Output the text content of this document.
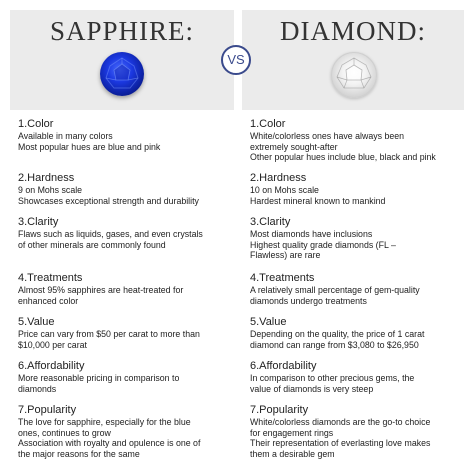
SAPPHIRE:
1.Color
Available in many colors
Most popular hues are blue and pink
2.Hardness
9 on Mohs scale
Showcases exceptional strength and durability
3.Clarity
Flaws such as liquids, gases, and even crystals
of other minerals are commonly found
4.Treatments
Almost 95% sapphires are heat-treated for
enhanced color
5.Value
Price can vary from $50 per carat to more than
$10,000 per carat
6.Affordability
More reasonable pricing in comparison to
diamonds
7.Popularity
The love for sapphire, especially for the blue
ones, continues to grow
Association with royalty and opulence is one of
the major reasons for the same
DIAMOND:
1.Color
White/colorless ones have always been
extremely sought-after
Other popular hues include blue, black and pink
2.Hardness
10 on Mohs scale
Hardest mineral known to mankind
3.Clarity
Most diamonds have inclusions
Highest quality grade diamonds (FL –
Flawless) are rare
4.Treatments
A relatively small percentage of gem-quality
diamonds undergo treatments
5.Value
Depending on the quality, the price of 1 carat
diamond can range from $3,080 to $26,950
6.Affordability
In comparison to other precious gems, the
value of diamonds is very steep
7.Popularity
White/colorless diamonds are the go-to choice
for engagement rings
Their representation of everlasting love makes
them a desirable gem
VS
